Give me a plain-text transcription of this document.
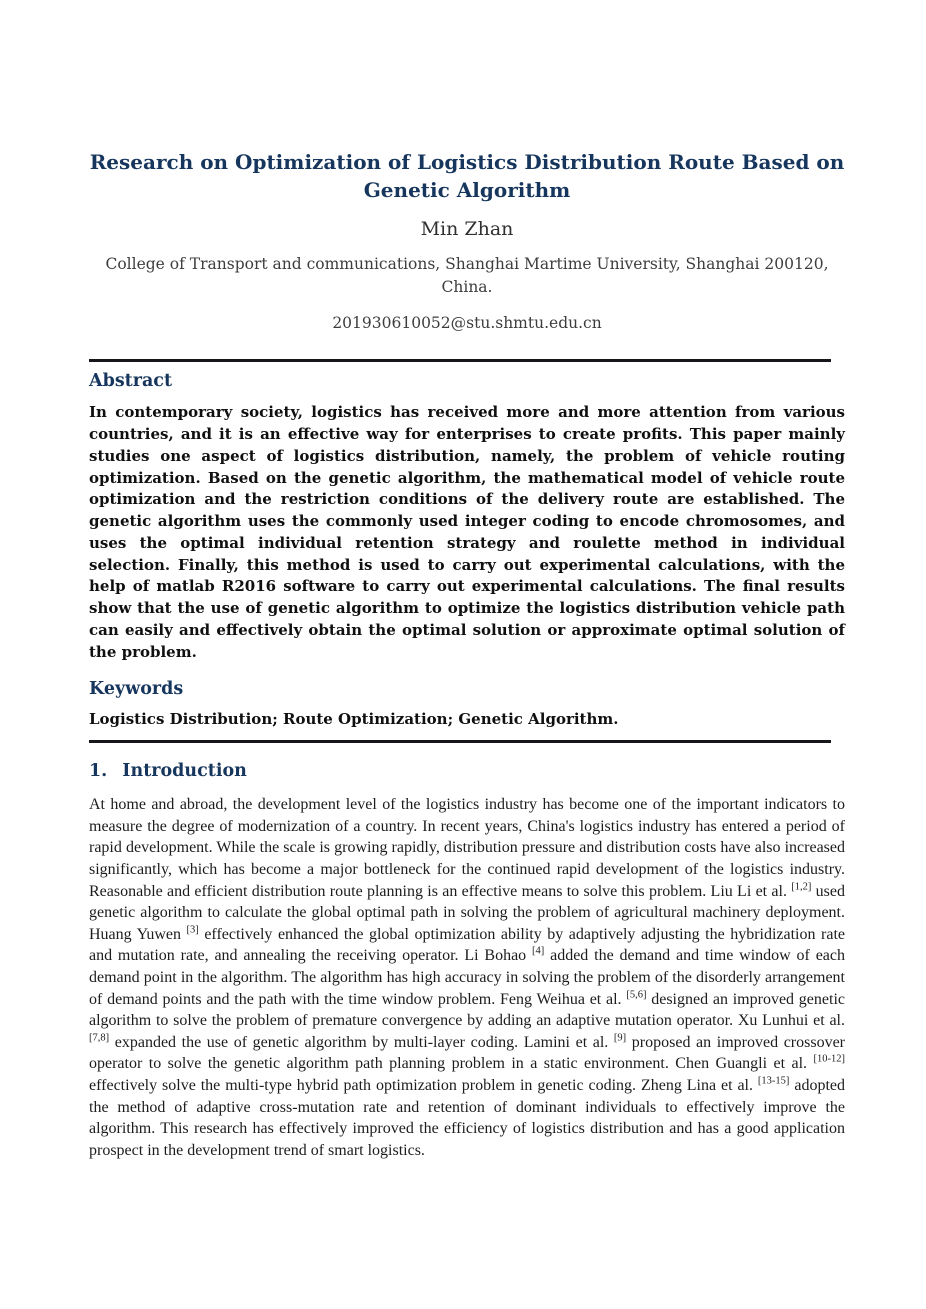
Research on Optimization of Logistics Distribution Route Based on Genetic Algorithm
Min Zhan
College of Transport and communications, Shanghai Martime University, Shanghai 200120, China.
201930610052@stu.shmtu.edu.cn
Abstract

In contemporary society, logistics has received more and more attention from various countries, and it is an effective way for enterprises to create profits. This paper mainly studies one aspect of logistics distribution, namely, the problem of vehicle routing optimization. Based on the genetic algorithm, the mathematical model of vehicle route optimization and the restriction conditions of the delivery route are established. The genetic algorithm uses the commonly used integer coding to encode chromosomes, and uses the optimal individual retention strategy and roulette method in individual selection. Finally, this method is used to carry out experimental calculations, with the help of matlab R2016 software to carry out experimental calculations. The final results show that the use of genetic algorithm to optimize the logistics distribution vehicle path can easily and effectively obtain the optimal solution or approximate optimal solution of the problem.

Keywords

Logistics Distribution; Route Optimization; Genetic Algorithm.

1. Introduction

At home and abroad, the development level of the logistics industry has become one of the important indicators to measure the degree of modernization of a country. In recent years, China's logistics industry has entered a period of rapid development. While the scale is growing rapidly, distribution pressure and distribution costs have also increased significantly, which has become a major bottleneck for the continued rapid development of the logistics industry. Reasonable and efficient distribution route planning is an effective means to solve this problem. Liu Li et al. [1,2] used genetic algorithm to calculate the global optimal path in solving the problem of agricultural machinery deployment. Huang Yuwen [3] effectively enhanced the global optimization ability by adaptively adjusting the hybridization rate and mutation rate, and annealing the receiving operator. Li Bohao [4] added the demand and time window of each demand point in the algorithm. The algorithm has high accuracy in solving the problem of the disorderly arrangement of demand points and the path with the time window problem. Feng Weihua et al. [5,6] designed an improved genetic algorithm to solve the problem of premature convergence by adding an adaptive mutation operator. Xu Lunhui et al. [7,8] expanded the use of genetic algorithm by multi-layer coding. Lamini et al. [9] proposed an improved crossover operator to solve the genetic algorithm path planning problem in a static environment. Chen Guangli et al. [10-12] effectively solve the multi-type hybrid path optimization problem in genetic coding. Zheng Lina et al. [13-15] adopted the method of adaptive cross-mutation rate and retention of dominant individuals to effectively improve the algorithm. This research has effectively improved the efficiency of logistics distribution and has a good application prospect in the development trend of smart logistics.
